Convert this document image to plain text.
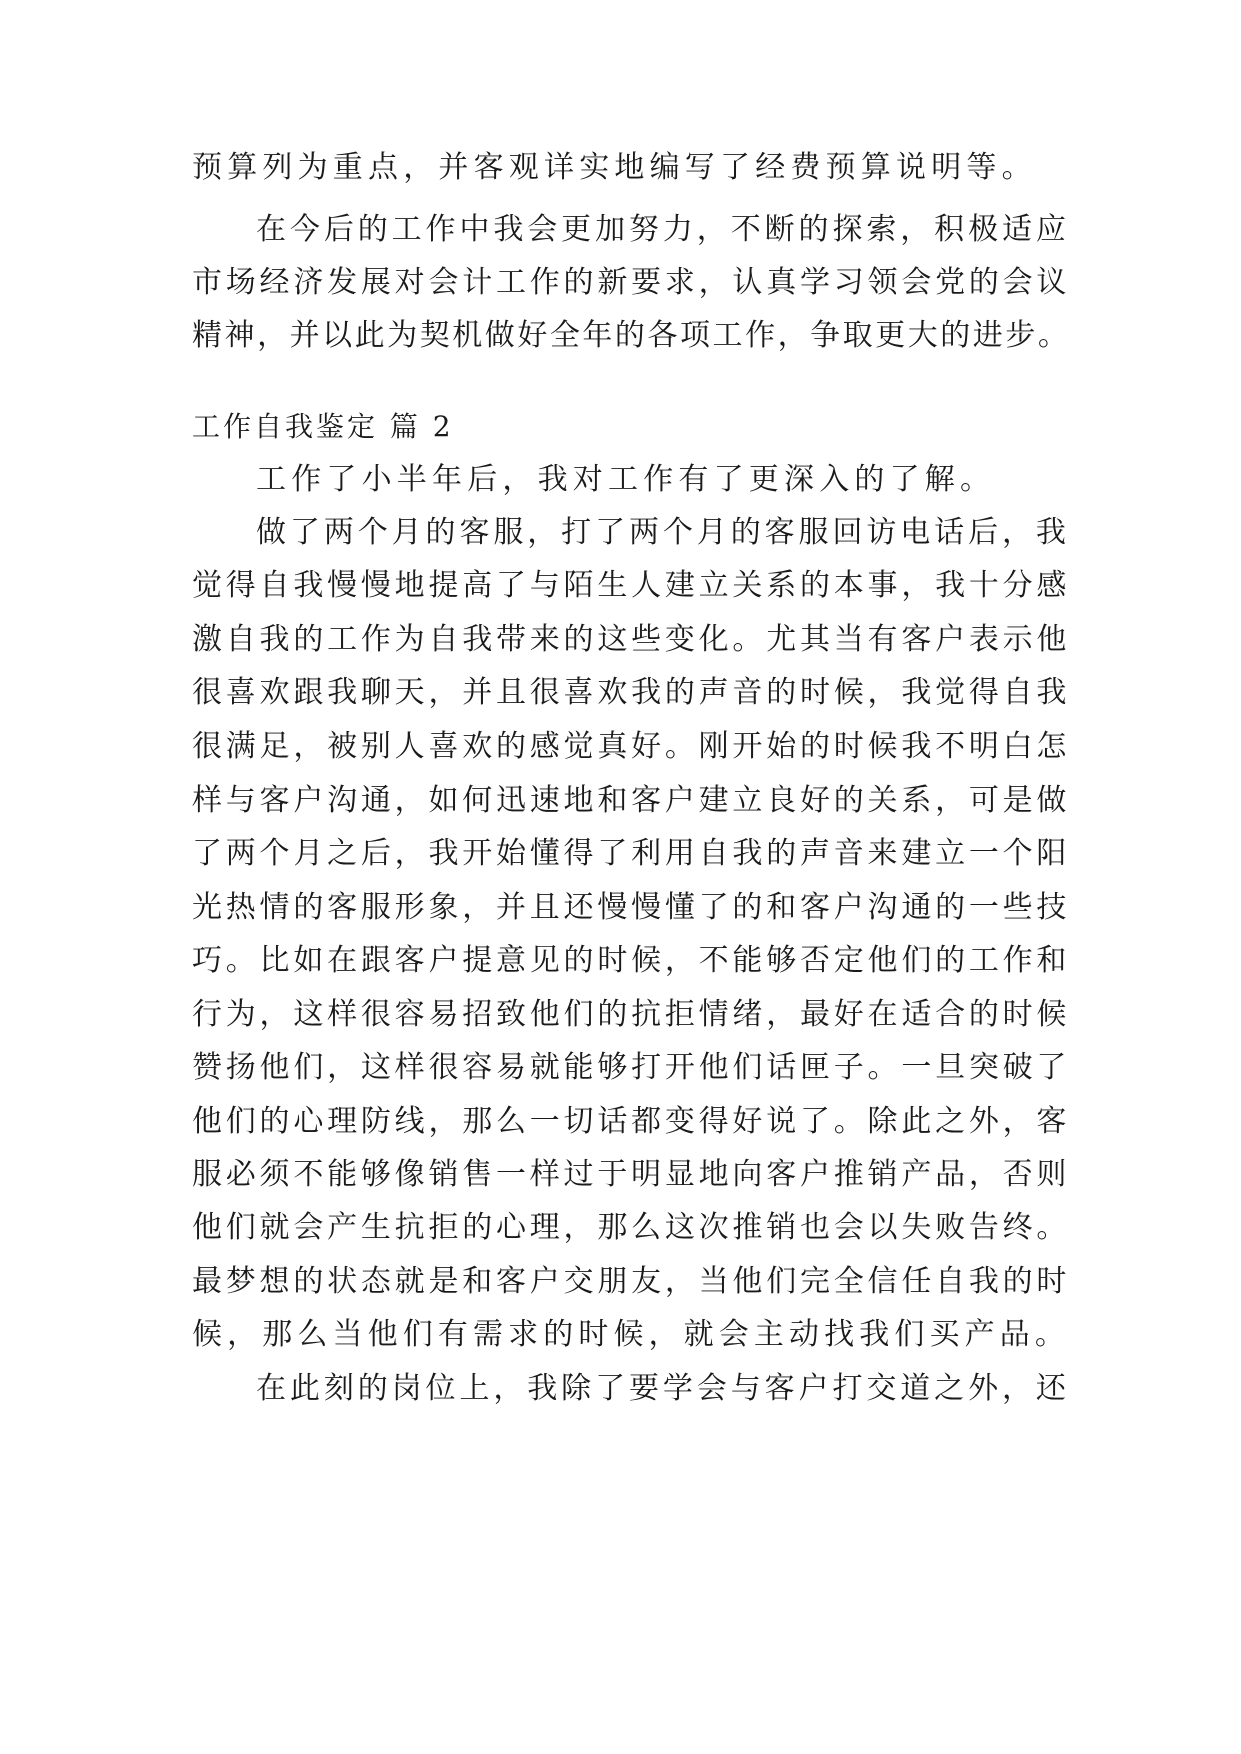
预算列为重点，并客观详实地编写了经费预算说明等。
在今后的工作中我会更加努力，不断的探索，积极适应
市场经济发展对会计工作的新要求，认真学习领会党的会议
精神，并以此为契机做好全年的各项工作，争取更大的进步。
工作自我鉴定 篇 2
工作了小半年后，我对工作有了更深入的了解。
做了两个月的客服，打了两个月的客服回访电话后，我
觉得自我慢慢地提高了与陌生人建立关系的本事，我十分感
激自我的工作为自我带来的这些变化。尤其当有客户表示他
很喜欢跟我聊天，并且很喜欢我的声音的时候，我觉得自我
很满足，被别人喜欢的感觉真好。刚开始的时候我不明白怎
样与客户沟通，如何迅速地和客户建立良好的关系，可是做
了两个月之后，我开始懂得了利用自我的声音来建立一个阳
光热情的客服形象，并且还慢慢懂了的和客户沟通的一些技
巧。比如在跟客户提意见的时候，不能够否定他们的工作和
行为，这样很容易招致他们的抗拒情绪，最好在适合的时候
赞扬他们，这样很容易就能够打开他们话匣子。一旦突破了
他们的心理防线，那么一切话都变得好说了。除此之外，客
服必须不能够像销售一样过于明显地向客户推销产品，否则
他们就会产生抗拒的心理，那么这次推销也会以失败告终。
最梦想的状态就是和客户交朋友，当他们完全信任自我的时
候，那么当他们有需求的时候，就会主动找我们买产品。
在此刻的岗位上，我除了要学会与客户打交道之外，还
